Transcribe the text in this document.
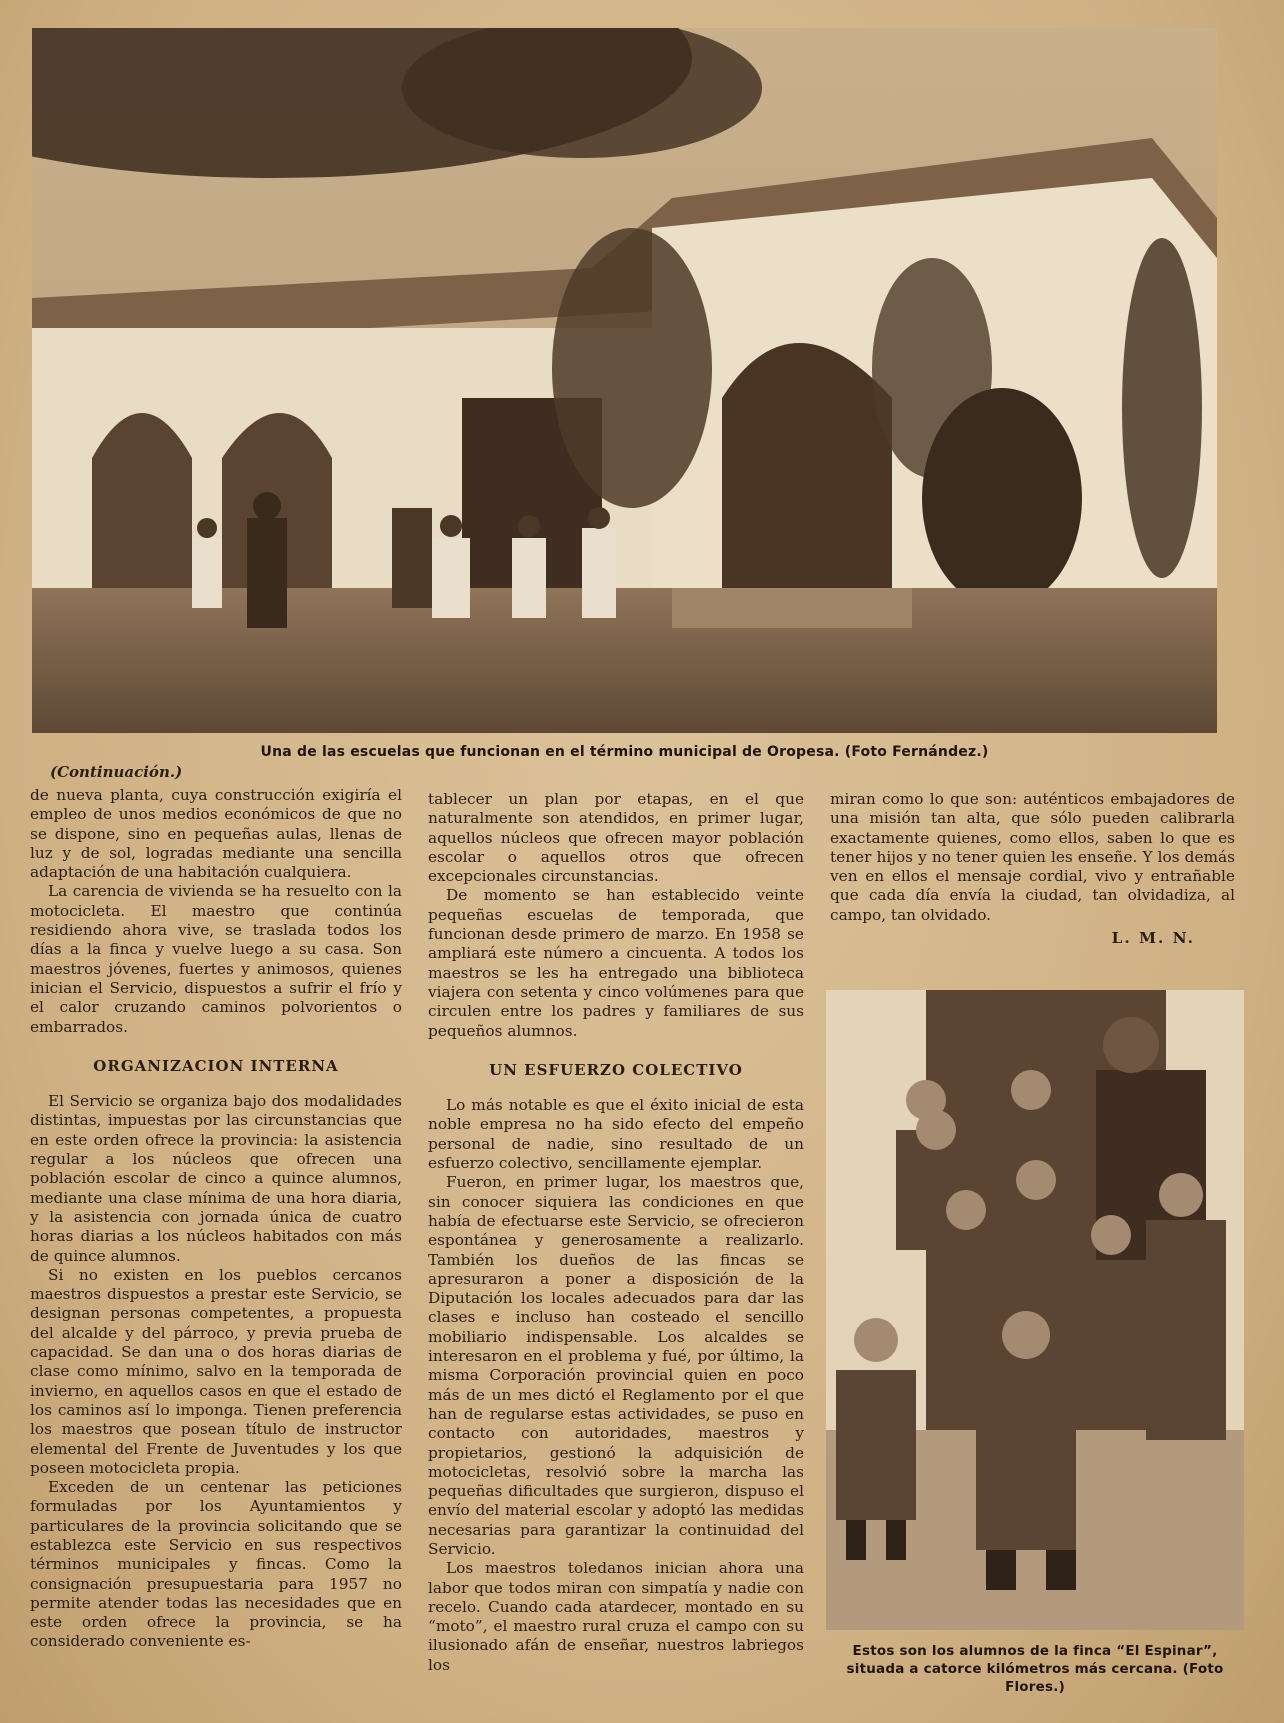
Una de las escuelas que funcionan en el término municipal de Oropesa. (Foto Fernández.)
(Continuación.)

de nueva planta, cuya construcción exigiría el empleo de unos medios económicos de que no se dispone, sino en pequeñas aulas, llenas de luz y de sol, logradas mediante una sencilla adaptación de una habitación cualquiera.

La carencia de vivienda se ha resuelto con la motocicleta. El maestro que continúa residiendo ahora vive, se traslada todos los días a la finca y vuelve luego a su casa. Son maestros jóvenes, fuertes y animosos, quienes inician el Servicio, dispuestos a sufrir el frío y el calor cruzando caminos polvorientos o embarrados.

ORGANIZACION INTERNA

El Servicio se organiza bajo dos modalidades distintas, impuestas por las circunstancias que en este orden ofrece la provincia: la asistencia regular a los núcleos que ofrecen una población escolar de cinco a quince alumnos, mediante una clase mínima de una hora diaria, y la asistencia con jornada única de cuatro horas diarias a los núcleos habitados con más de quince alumnos.

Si no existen en los pueblos cercanos maestros dispuestos a prestar este Servicio, se designan personas competentes, a propuesta del alcalde y del párroco, y previa prueba de capacidad. Se dan una o dos horas diarias de clase como mínimo, salvo en la temporada de invierno, en aquellos casos en que el estado de los caminos así lo imponga. Tienen preferencia los maestros que posean título de instructor elemental del Frente de Juventudes y los que poseen motocicleta propia.

Exceden de un centenar las peticiones formuladas por los Ayuntamientos y particulares de la provincia solicitando que se establezca este Servicio en sus respectivos términos municipales y fincas. Como la consignación presupuestaria para 1957 no permite atender todas las necesidades que en este orden ofrece la provincia, se ha considerado conveniente es-

tablecer un plan por etapas, en el que naturalmente son atendidos, en primer lugar, aquellos núcleos que ofrecen mayor población escolar o aquellos otros que ofrecen excepcionales circunstancias.

De momento se han establecido veinte pequeñas escuelas de temporada, que funcionan desde primero de marzo. En 1958 se ampliará este número a cincuenta. A todos los maestros se les ha entregado una biblioteca viajera con setenta y cinco volúmenes para que circulen entre los padres y familiares de sus pequeños alumnos.

UN ESFUERZO COLECTIVO

Lo más notable es que el éxito inicial de esta noble empresa no ha sido efecto del empeño personal de nadie, sino resultado de un esfuerzo colectivo, sencillamente ejemplar.

Fueron, en primer lugar, los maestros que, sin conocer siquiera las condiciones en que había de efectuarse este Servicio, se ofrecieron espontánea y generosamente a realizarlo. También los dueños de las fincas se apresuraron a poner a disposición de la Diputación los locales adecuados para dar las clases e incluso han costeado el sencillo mobiliario indispensable. Los alcaldes se interesaron en el problema y fué, por último, la misma Corporación provincial quien en poco más de un mes dictó el Reglamento por el que han de regularse estas actividades, se puso en contacto con autoridades, maestros y propietarios, gestionó la adquisición de motocicletas, resolvió sobre la marcha las pequeñas dificultades que surgieron, dispuso el envío del material escolar y adoptó las medidas necesarias para garantizar la continuidad del Servicio.

Los maestros toledanos inician ahora una labor que todos miran con simpatía y nadie con recelo. Cuando cada atardecer, montado en su “moto”, el maestro rural cruza el campo con su ilusionado afán de enseñar, nuestros labriegos los

miran como lo que son: auténticos embajadores de una misión tan alta, que sólo pueden calibrarla exactamente quienes, como ellos, saben lo que es tener hijos y no tener quien les enseñe. Y los demás ven en ellos el mensaje cordial, vivo y entrañable que cada día envía la ciudad, tan olvidadiza, al campo, tan olvidado.

L. M. N.
Estos son los alumnos de la finca “El Espinar”, situada a catorce kilómetros más cercana. (Foto Flores.)
